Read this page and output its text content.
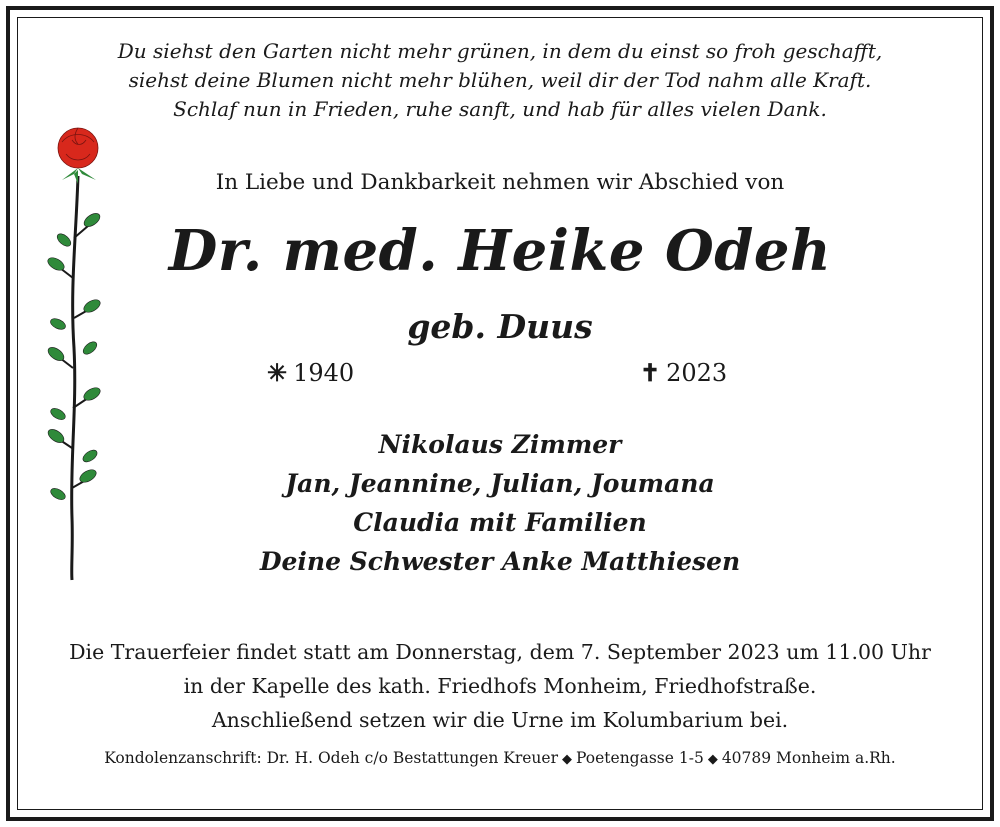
Du siehst den Garten nicht mehr grünen, in dem du einst so froh geschafft,
siehst deine Blumen nicht mehr blühen, weil dir der Tod nahm alle Kraft.
Schlaf nun in Frieden, ruhe sanft, und hab für alles vielen Dank.
In Liebe und Dankbarkeit nehmen wir Abschied von
Dr. med. Heike Odeh
geb. Duus
✳ 1940	✝ 2023
Nikolaus Zimmer
Jan, Jeannine, Julian, Joumana
Claudia mit Familien
Deine Schwester Anke Matthiesen
Die Trauerfeier findet statt am Donnerstag, dem 7. September 2023 um 11.00 Uhr
in der Kapelle des kath. Friedhofs Monheim, Friedhofstraße.
Anschließend setzen wir die Urne im Kolumbarium bei.
Kondolenzanschrift: Dr. H. Odeh c/o Bestattungen Kreuer ◆ Poetengasse 1-5 ◆ 40789 Monheim a.Rh.
